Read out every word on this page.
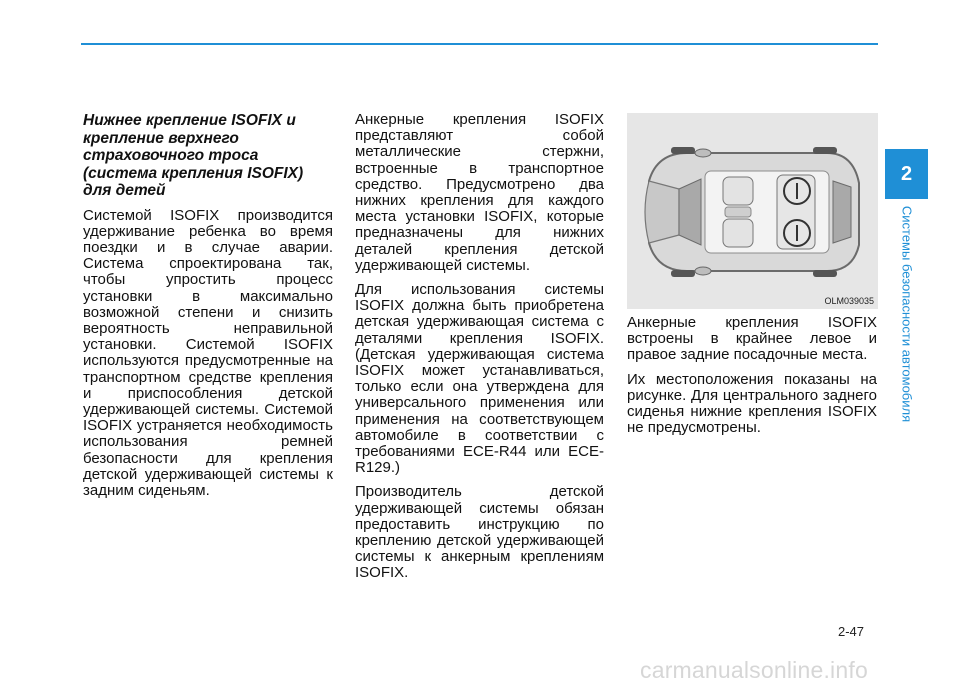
2
Системы безопасности автомобиля
Нижнее крепление ISOFIX и крепление верхнего страховочного троса (система крепления ISOFIX) для детей

Системой ISOFIX производится удерживание ребенка во время поездки и в случае аварии. Система спроектирована так, чтобы упростить процесс установки в максимально возможной степени и снизить вероятность неправильной установки. Системой ISOFIX используются предусмотренные на транспортном средстве крепления и приспособления детской удерживающей системы. Системой ISOFIX устраняется необходимость использования ремней безопасности для крепления детской удерживающей системы к задним сиденьям.

Анкерные крепления ISOFIX представляют собой металлические стержни, встроенные в транспортное средство. Предусмотрено два нижних крепления для каждого места установки ISOFIX, которые предназначены для нижних деталей крепления детской удерживающей системы.

Для использования системы ISOFIX должна быть приобретена детская удерживающая система с деталями крепления ISOFIX. (Детская удерживающая система ISOFIX может устанавливаться, только если она утверждена для универсального применения или применения на соответствующем автомобиле в соответствии с требованиями ECE-R44 или ECE-R129.)

Производитель детской удерживающей системы обязан предоставить инструкцию по креплению детской удерживающей системы к анкерным креплениям ISOFIX.

OLM039035

Анкерные крепления ISOFIX встроены в крайнее левое и правое задние посадочные места.

Их местоположения показаны на рисунке. Для центрального заднего сиденья нижние крепления ISOFIX не предусмотрены.

2-47
carmanualsonline.info
